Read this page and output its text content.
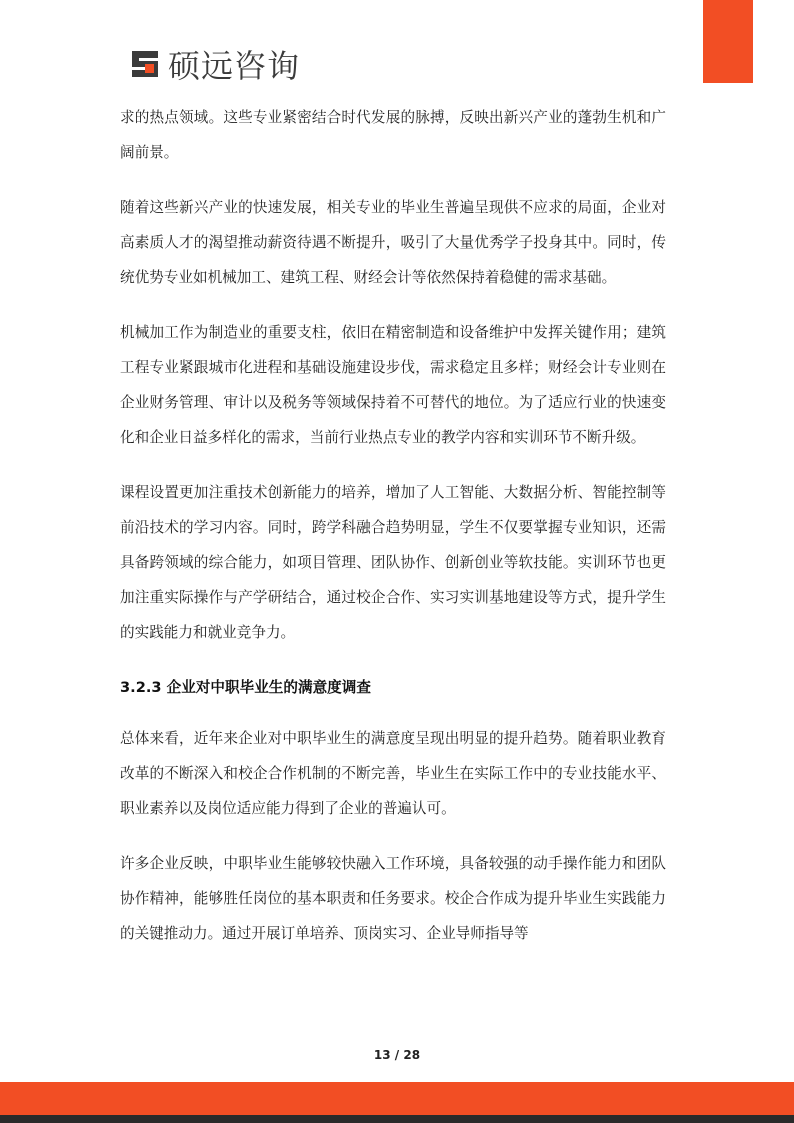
硕远咨询

求的热点领域。这些专业紧密结合时代发展的脉搏，反映出新兴产业的蓬勃生机和广阔前景。

随着这些新兴产业的快速发展，相关专业的毕业生普遍呈现供不应求的局面，企业对高素质人才的渴望推动薪资待遇不断提升，吸引了大量优秀学子投身其中。同时，传统优势专业如机械加工、建筑工程、财经会计等依然保持着稳健的需求基础。

机械加工作为制造业的重要支柱，依旧在精密制造和设备维护中发挥关键作用；建筑工程专业紧跟城市化进程和基础设施建设步伐，需求稳定且多样；财经会计专业则在企业财务管理、审计以及税务等领域保持着不可替代的地位。为了适应行业的快速变化和企业日益多样化的需求，当前行业热点专业的教学内容和实训环节不断升级。

课程设置更加注重技术创新能力的培养，增加了人工智能、大数据分析、智能控制等前沿技术的学习内容。同时，跨学科融合趋势明显，学生不仅要掌握专业知识，还需具备跨领域的综合能力，如项目管理、团队协作、创新创业等软技能。实训环节也更加注重实际操作与产学研结合，通过校企合作、实习实训基地建设等方式，提升学生的实践能力和就业竞争力。

3.2.3 企业对中职毕业生的满意度调查

总体来看，近年来企业对中职毕业生的满意度呈现出明显的提升趋势。随着职业教育改革的不断深入和校企合作机制的不断完善，毕业生在实际工作中的专业技能水平、职业素养以及岗位适应能力得到了企业的普遍认可。

许多企业反映，中职毕业生能够较快融入工作环境，具备较强的动手操作能力和团队协作精神，能够胜任岗位的基本职责和任务要求。校企合作成为提升毕业生实践能力的关键推动力。通过开展订单培养、顶岗实习、企业导师指导等

13 / 28
